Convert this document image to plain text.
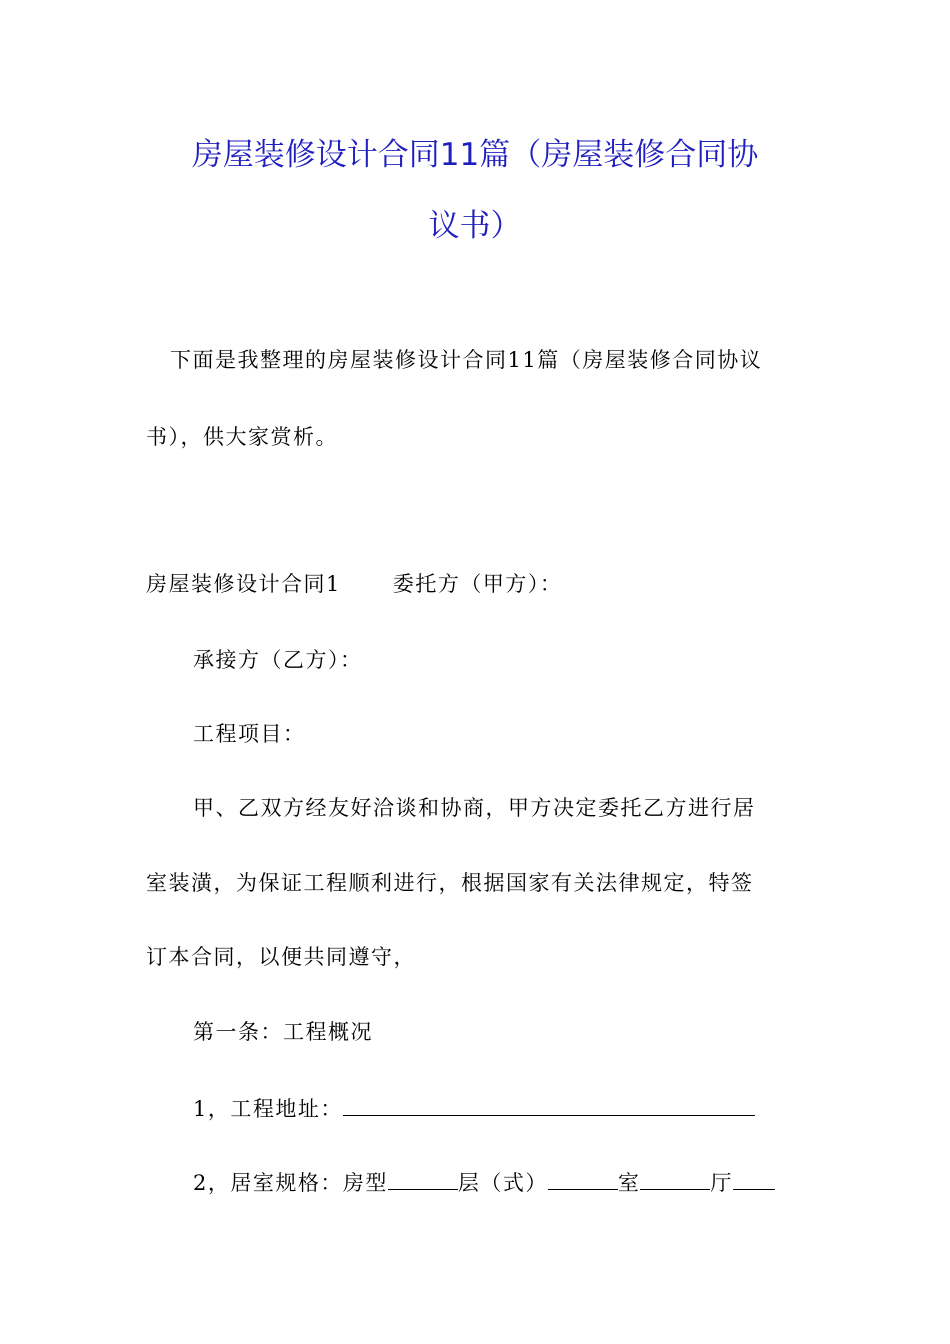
房屋装修设计合同11篇（房屋装修合同协
议书）
下面是我整理的房屋装修设计合同11篇（房屋装修合同协议
书），供大家赏析。
房屋装修设计合同1 委托方（甲方）：
承接方（乙方）：
工程项目：
甲、乙双方经友好洽谈和协商，甲方决定委托乙方进行居
室装潢，为保证工程顺利进行，根据国家有关法律规定，特签
订本合同，以便共同遵守，
第一条：工程概况
1，工程地址：
2，居室规格：房型	层（式）	室	厅
